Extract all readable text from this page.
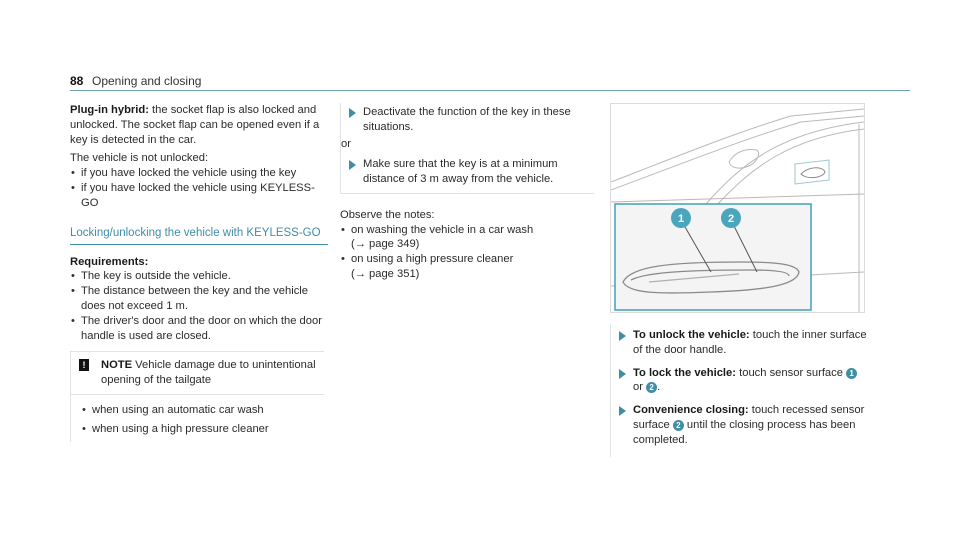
88 Opening and closing

Plug-in hybrid: the socket flap is also locked and unlocked. The socket flap can be opened even if a key is detected in the car.

The vehicle is not unlocked:

• if you have locked the vehicle using the key
• if you have locked the vehicle using KEYLESS-GO
Locking/unlocking the vehicle with KEYLESS-GO

Requirements:

• The key is outside the vehicle.
• The distance between the key and the vehicle does not exceed 1 m.
• The driver's door and the door on which the door handle is used are closed.
!	NOTE Vehicle damage due to unintentional opening of the tailgate
• when using an automatic car wash
• when using a high pressure cleaner
Deactivate the function of the key in these situations.

or

Make sure that the key is at a minimum distance of 3 m away from the vehicle.

Observe the notes:

• on washing the vehicle in a car wash
(→ page 349)
• on using a high pressure cleaner
(→ page 351)
1	2
To unlock the vehicle: touch the inner surface of the door handle.
To lock the vehicle: touch sensor surface 1
or 2 .
Convenience closing: touch recessed sensor surface 2 until the closing process has been completed.
